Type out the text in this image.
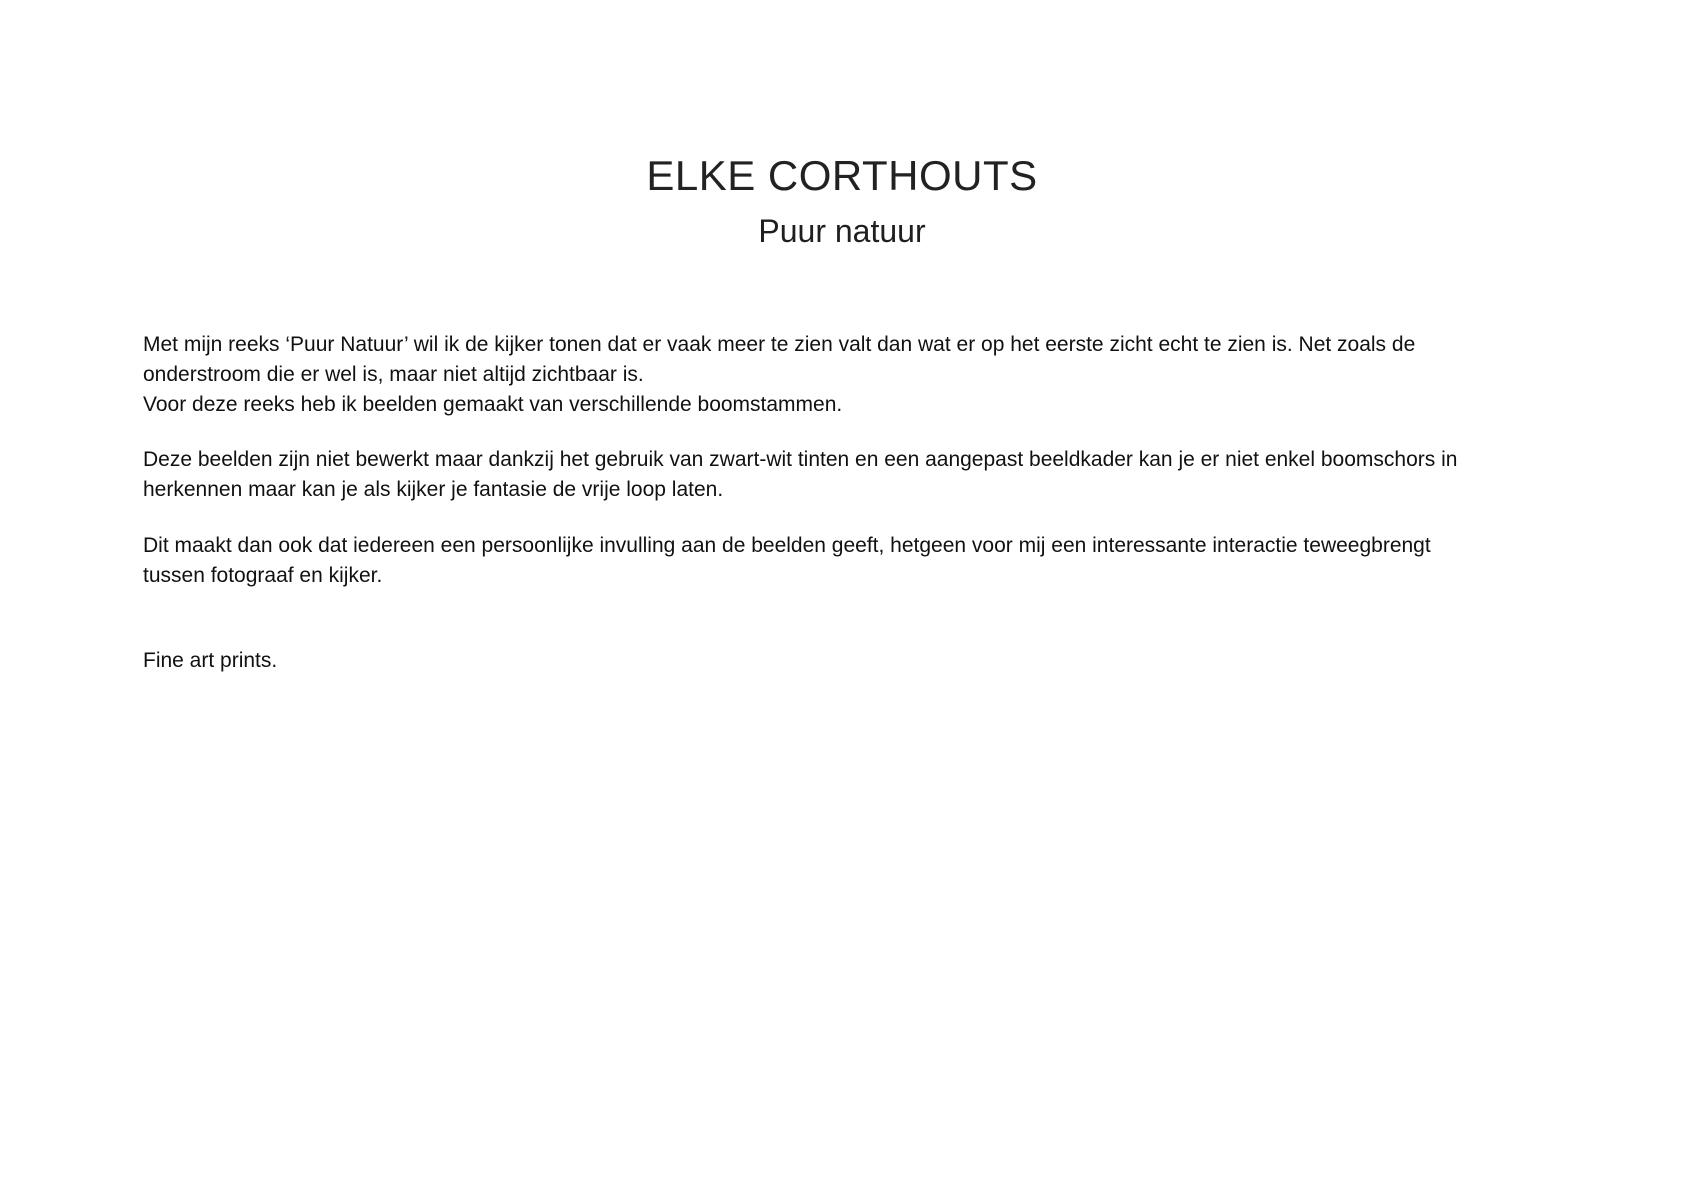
ELKE CORTHOUTS
Puur natuur
Met mijn reeks ‘Puur Natuur’ wil ik de kijker tonen dat er vaak meer te zien valt dan wat er op het eerste zicht echt te zien is. Net zoals de
onderstroom die er wel is, maar niet altijd zichtbaar is.
Voor deze reeks heb ik beelden gemaakt van verschillende boomstammen.
Deze beelden zijn niet bewerkt maar dankzij het gebruik van zwart-wit tinten en een aangepast beeldkader kan je er niet enkel boomschors in
herkennen maar kan je als kijker je fantasie de vrije loop laten.
Dit maakt dan ook dat iedereen een persoonlijke invulling aan de beelden geeft, hetgeen voor mij een interessante interactie teweegbrengt
tussen fotograaf en kijker.
Fine art prints.
